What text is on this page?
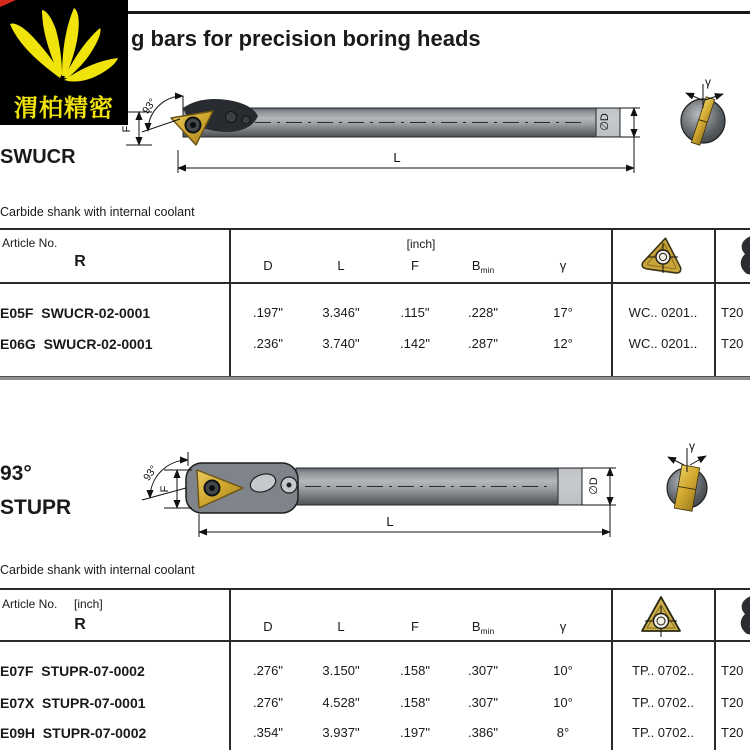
g bars for precision boring heads
渭柏精密
SWUCR
93°
F	∅D
L
γ
Carbide shank with internal coolant
Article No.
R
[inch]
D	L	F	$B_{min}$	γ
E05F  SWUCR-02-0001	.197"	3.346"	.115"	.228"	17°	WC.. 0201..	T20
E06G  SWUCR-02-0001	.236"	3.740"	.142"	.287"	12°	WC.. 0201..	T20
93°
STUPR
93°
F	∅D
L
γ
Carbide shank with internal coolant
Article No. [inch]
R	D	L	F	$B_{min}$	γ
E07F  STUPR-07-0002	.276"	3.150"	.158"	.307"	10°	TP.. 0702..	T20
E07X  STUPR-07-0001	.276"	4.528"	.158"	.307"	10°	TP.. 0702..	T20
E09H  STUPR-07-0002	.354"	3.937"	.197"	.386"	8°	TP.. 0702..	T20
